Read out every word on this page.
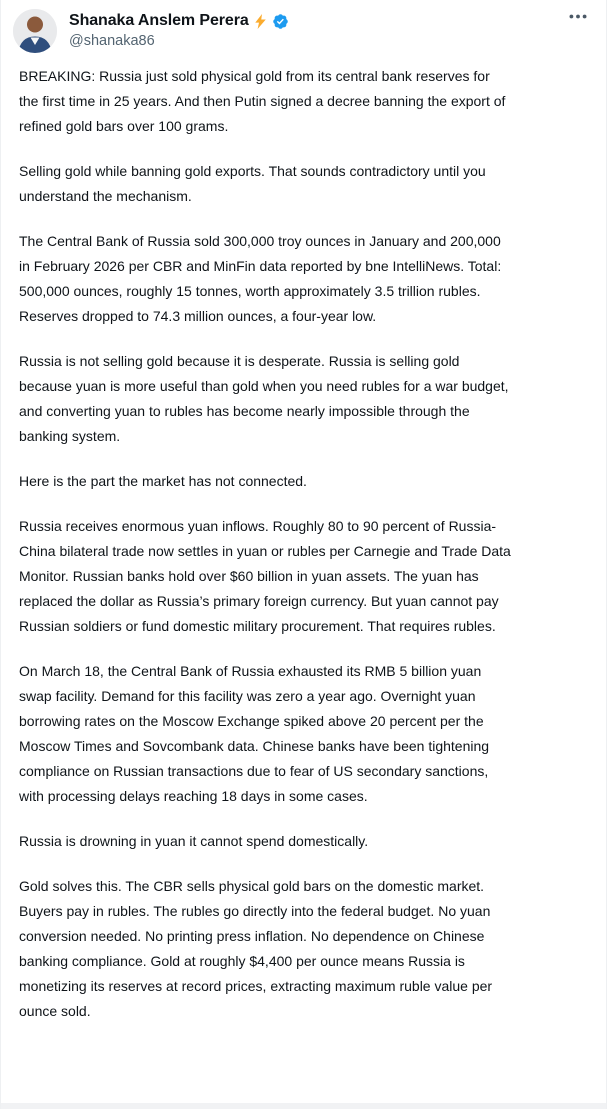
Shanaka Anslem Perera
@shanaka86

BREAKING: Russia just sold physical gold from its central bank reserves for the first time in 25 years. And then Putin signed a decree banning the export of refined gold bars over 100 grams.

Selling gold while banning gold exports. That sounds contradictory until you understand the mechanism.

The Central Bank of Russia sold 300,000 troy ounces in January and 200,000 in February 2026 per CBR and MinFin data reported by bne IntelliNews. Total: 500,000 ounces, roughly 15 tonnes, worth approximately 3.5 trillion rubles. Reserves dropped to 74.3 million ounces, a four-year low.

Russia is not selling gold because it is desperate. Russia is selling gold because yuan is more useful than gold when you need rubles for a war budget, and converting yuan to rubles has become nearly impossible through the banking system.

Here is the part the market has not connected.

Russia receives enormous yuan inflows. Roughly 80 to 90 percent of Russia-China bilateral trade now settles in yuan or rubles per Carnegie and Trade Data Monitor. Russian banks hold over $60 billion in yuan assets. The yuan has replaced the dollar as Russia’s primary foreign currency. But yuan cannot pay Russian soldiers or fund domestic military procurement. That requires rubles.

On March 18, the Central Bank of Russia exhausted its RMB 5 billion yuan swap facility. Demand for this facility was zero a year ago. Overnight yuan borrowing rates on the Moscow Exchange spiked above 20 percent per the Moscow Times and Sovcombank data. Chinese banks have been tightening compliance on Russian transactions due to fear of US secondary sanctions, with processing delays reaching 18 days in some cases.

Russia is drowning in yuan it cannot spend domestically.

Gold solves this. The CBR sells physical gold bars on the domestic market. Buyers pay in rubles. The rubles go directly into the federal budget. No yuan conversion needed. No printing press inflation. No dependence on Chinese banking compliance. Gold at roughly $4,400 per ounce means Russia is monetizing its reserves at record prices, extracting maximum ruble value per ounce sold.
